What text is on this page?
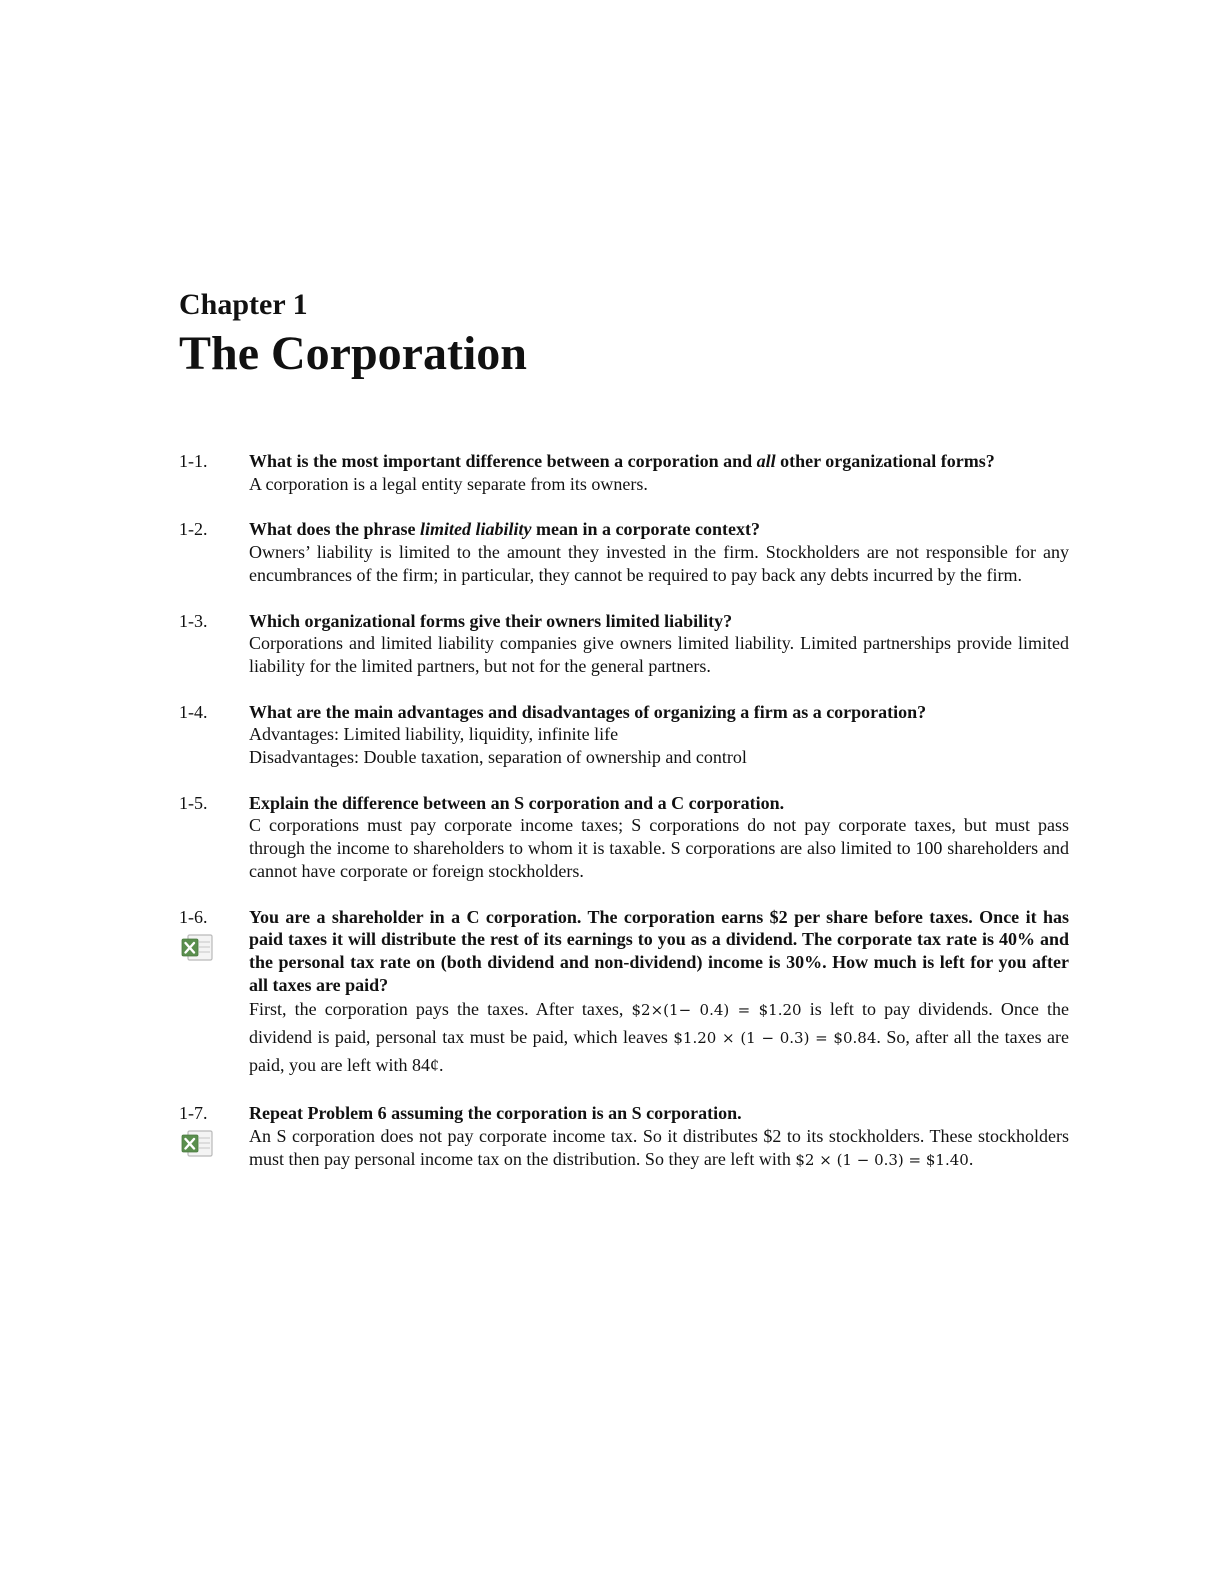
Chapter 1
The Corporation
1-1.	What is the most important difference between a corporation and all other organizational forms?
A corporation is a legal entity separate from its owners.
1-2.	What does the phrase limited liability mean in a corporate context?
Owners’ liability is limited to the amount they invested in the firm. Stockholders are not responsible for any encumbrances of the firm; in particular, they cannot be required to pay back any debts incurred by the firm.
1-3.	Which organizational forms give their owners limited liability?
Corporations and limited liability companies give owners limited liability. Limited partnerships provide limited liability for the limited partners, but not for the general partners.
1-4.	What are the main advantages and disadvantages of organizing a firm as a corporation?
Advantages: Limited liability, liquidity, infinite life
Disadvantages: Double taxation, separation of ownership and control
1-5.	Explain the difference between an S corporation and a C corporation.
C corporations must pay corporate income taxes; S corporations do not pay corporate taxes, but must pass through the income to shareholders to whom it is taxable. S corporations are also limited to 100 shareholders and cannot have corporate or foreign stockholders.
1-6.	You are a shareholder in a C corporation. The corporation earns $2 per share before taxes. Once it has paid taxes it will distribute the rest of its earnings to you as a dividend. The corporate tax rate is 40% and the personal tax rate on (both dividend and non-dividend) income is 30%. How much is left for you after all taxes are paid?
First, the corporation pays the taxes. After taxes, $2×(1− 0.4) = $1.20 is left to pay dividends. Once the dividend is paid, personal tax must be paid, which leaves $1.20 × (1 − 0.3) = $0.84. So, after all the taxes are paid, you are left with 84¢.
1-7.	Repeat Problem 6 assuming the corporation is an S corporation.
An S corporation does not pay corporate income tax. So it distributes $2 to its stockholders. These stockholders must then pay personal income tax on the distribution. So they are left with $2 × (1 − 0.3) = $1.40.
